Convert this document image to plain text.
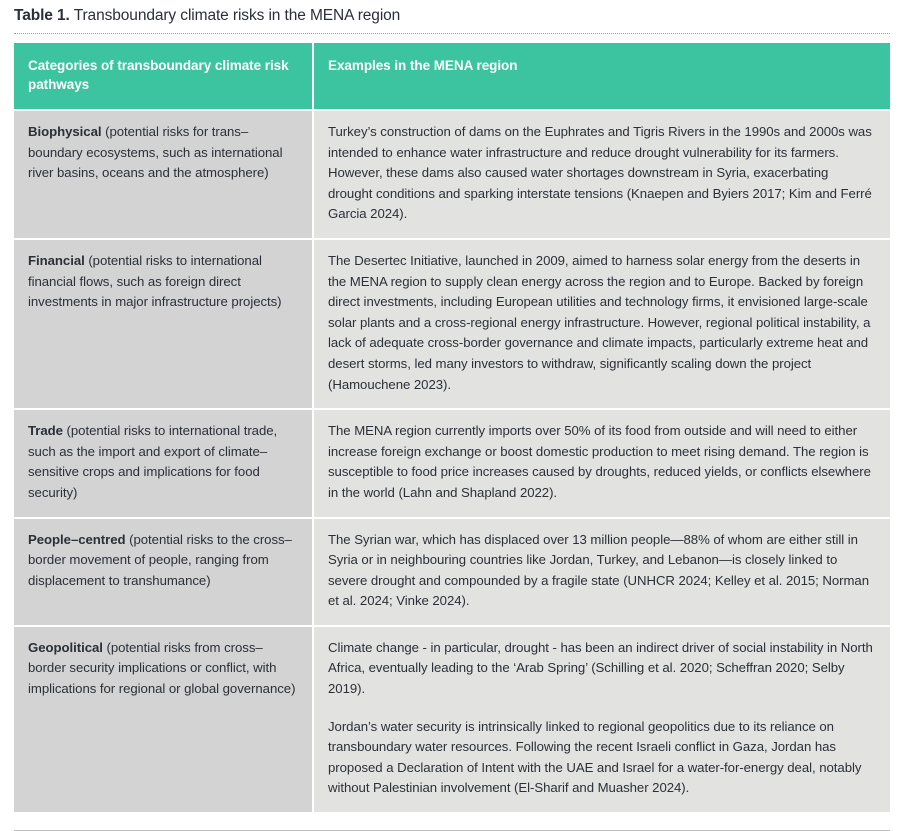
Table 1. Transboundary climate risks in the MENA region
Categories of transboundary climate risk pathways	Examples in the MENA region
Biophysical (potential risks for trans–boundary ecosystems, such as international river basins, oceans and the atmosphere)	Turkey’s construction of dams on the Euphrates and Tigris Rivers in the 1990s and 2000s was intended to enhance water infrastructure and reduce drought vulnerability for its farmers. However, these dams also caused water shortages downstream in Syria, exacerbating drought conditions and sparking interstate tensions (Knaepen and Byiers 2017; Kim and Ferré Garcia 2024).

Financial (potential risks to international financial flows, such as foreign direct investments in major infrastructure projects)	The Desertec Initiative, launched in 2009, aimed to harness solar energy from the deserts in the MENA region to supply clean energy across the region and to Europe. Backed by foreign direct investments, including European utilities and technology firms, it envisioned large-scale solar plants and a cross-regional energy infrastructure. However, regional political instability, a lack of adequate cross-border governance and climate impacts, particularly extreme heat and desert storms, led many investors to withdraw, significantly scaling down the project (Hamouchene 2023).

Trade (potential risks to international trade, such as the import and export of climate–sensitive crops and implications for food security)	The MENA region currently imports over 50% of its food from outside and will need to either increase foreign exchange or boost domestic production to meet rising demand. The region is susceptible to food price increases caused by droughts, reduced yields, or conflicts elsewhere in the world (Lahn and Shapland 2022).

People–centred (potential risks to the cross–border movement of people, ranging from displacement to transhumance)	The Syrian war, which has displaced over 13 million people—88% of whom are either still in Syria or in neighbouring countries like Jordan, Turkey, and Lebanon—is closely linked to severe drought and compounded by a fragile state (UNHCR 2024; Kelley et al. 2015; Norman et al. 2024; Vinke 2024).

Geopolitical (potential risks from cross–border security implications or conflict, with implications for regional or global governance)	Climate change - in particular, drought - has been an indirect driver of social instability in North Africa, eventually leading to the ‘Arab Spring’ (Schilling et al. 2020; Scheffran 2020; Selby 2019).

Jordan’s water security is intrinsically linked to regional geopolitics due to its reliance on transboundary water resources. Following the recent Israeli conflict in Gaza, Jordan has proposed a Declaration of Intent with the UAE and Israel for a water-for-energy deal, notably without Palestinian involvement (El-Sharif and Muasher 2024).
